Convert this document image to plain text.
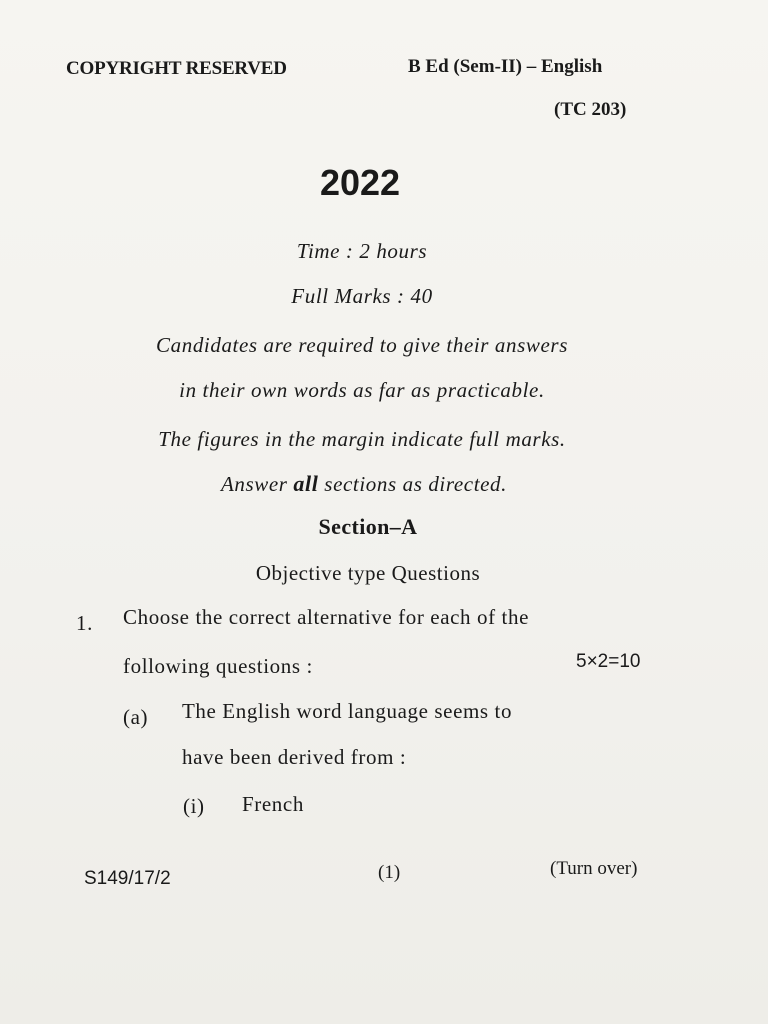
COPYRIGHT RESERVED	B Ed (Sem-II) – English
(TC 203)
2022
Time : 2 hours
Full Marks : 40
Candidates are required to give their answers
in their own words as far as practicable.
The figures in the margin indicate full marks.
Answer all sections as directed.
Section–A
Objective type Questions
1. Choose the correct alternative for each of the
following questions :	5×2=10
(a) The English word language seems to
have been derived from :
(i) French
S149/17/2	(1)	(Turn over)
